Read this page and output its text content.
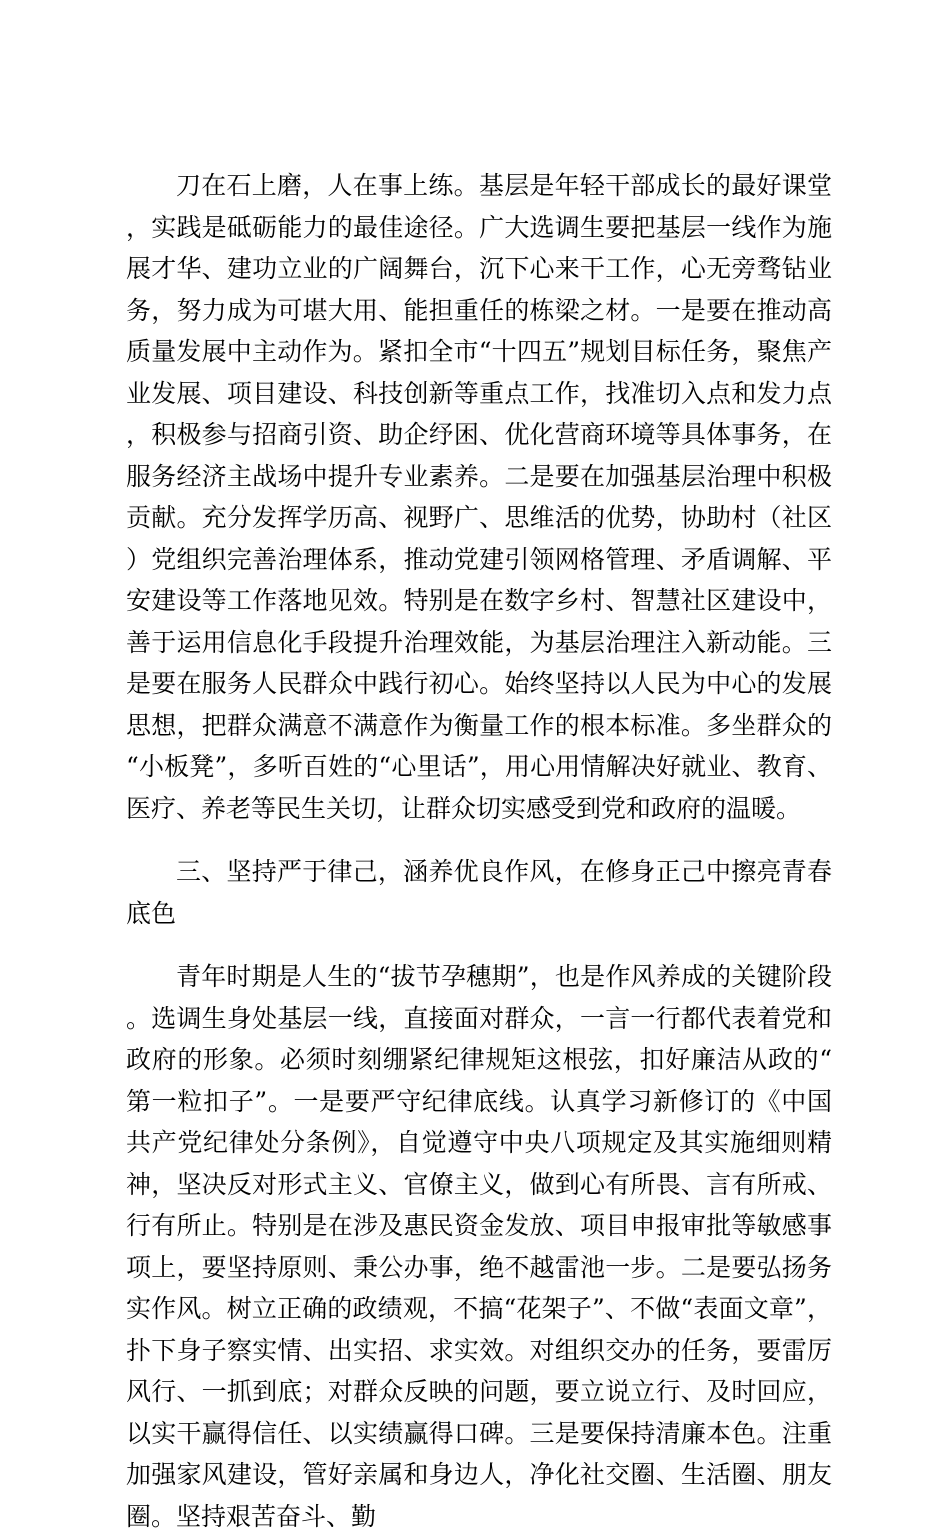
刀在石上磨，人在事上练。基层是年轻干部成长的最好课堂，实践是砥砺能力的最佳途径。广大选调生要把基层一线作为施展才华、建功立业的广阔舞台，沉下心来干工作，心无旁骛钻业务，努力成为可堪大用、能担重任的栋梁之材。一是要在推动高质量发展中主动作为。紧扣全市“十四五”规划目标任务，聚焦产业发展、项目建设、科技创新等重点工作，找准切入点和发力点，积极参与招商引资、助企纾困、优化营商环境等具体事务，在服务经济主战场中提升专业素养。二是要在加强基层治理中积极贡献。充分发挥学历高、视野广、思维活的优势，协助村（社区）党组织完善治理体系，推动党建引领网格管理、矛盾调解、平安建设等工作落地见效。特别是在数字乡村、智慧社区建设中，善于运用信息化手段提升治理效能，为基层治理注入新动能。三是要在服务人民群众中践行初心。始终坚持以人民为中心的发展思想，把群众满意不满意作为衡量工作的根本标准。多坐群众的“小板凳”，多听百姓的“心里话”，用心用情解决好就业、教育、医疗、养老等民生关切，让群众切实感受到党和政府的温暖。

三、坚持严于律己，涵养优良作风，在修身正己中擦亮青春底色

青年时期是人生的“拔节孕穗期”，也是作风养成的关键阶段。选调生身处基层一线，直接面对群众，一言一行都代表着党和政府的形象。必须时刻绷紧纪律规矩这根弦，扣好廉洁从政的“第一粒扣子”。一是要严守纪律底线。认真学习新修订的《中国共产党纪律处分条例》，自觉遵守中央八项规定及其实施细则精神，坚决反对形式主义、官僚主义，做到心有所畏、言有所戒、行有所止。特别是在涉及惠民资金发放、项目申报审批等敏感事项上，要坚持原则、秉公办事，绝不越雷池一步。二是要弘扬务实作风。树立正确的政绩观，不搞“花架子”、不做“表面文章”，扑下身子察实情、出实招、求实效。对组织交办的任务，要雷厉风行、一抓到底；对群众反映的问题，要立说立行、及时回应，以实干赢得信任、以实绩赢得口碑。三是要保持清廉本色。注重加强家风建设，管好亲属和身边人，净化社交圈、生活圈、朋友圈。坚持艰苦奋斗、勤
